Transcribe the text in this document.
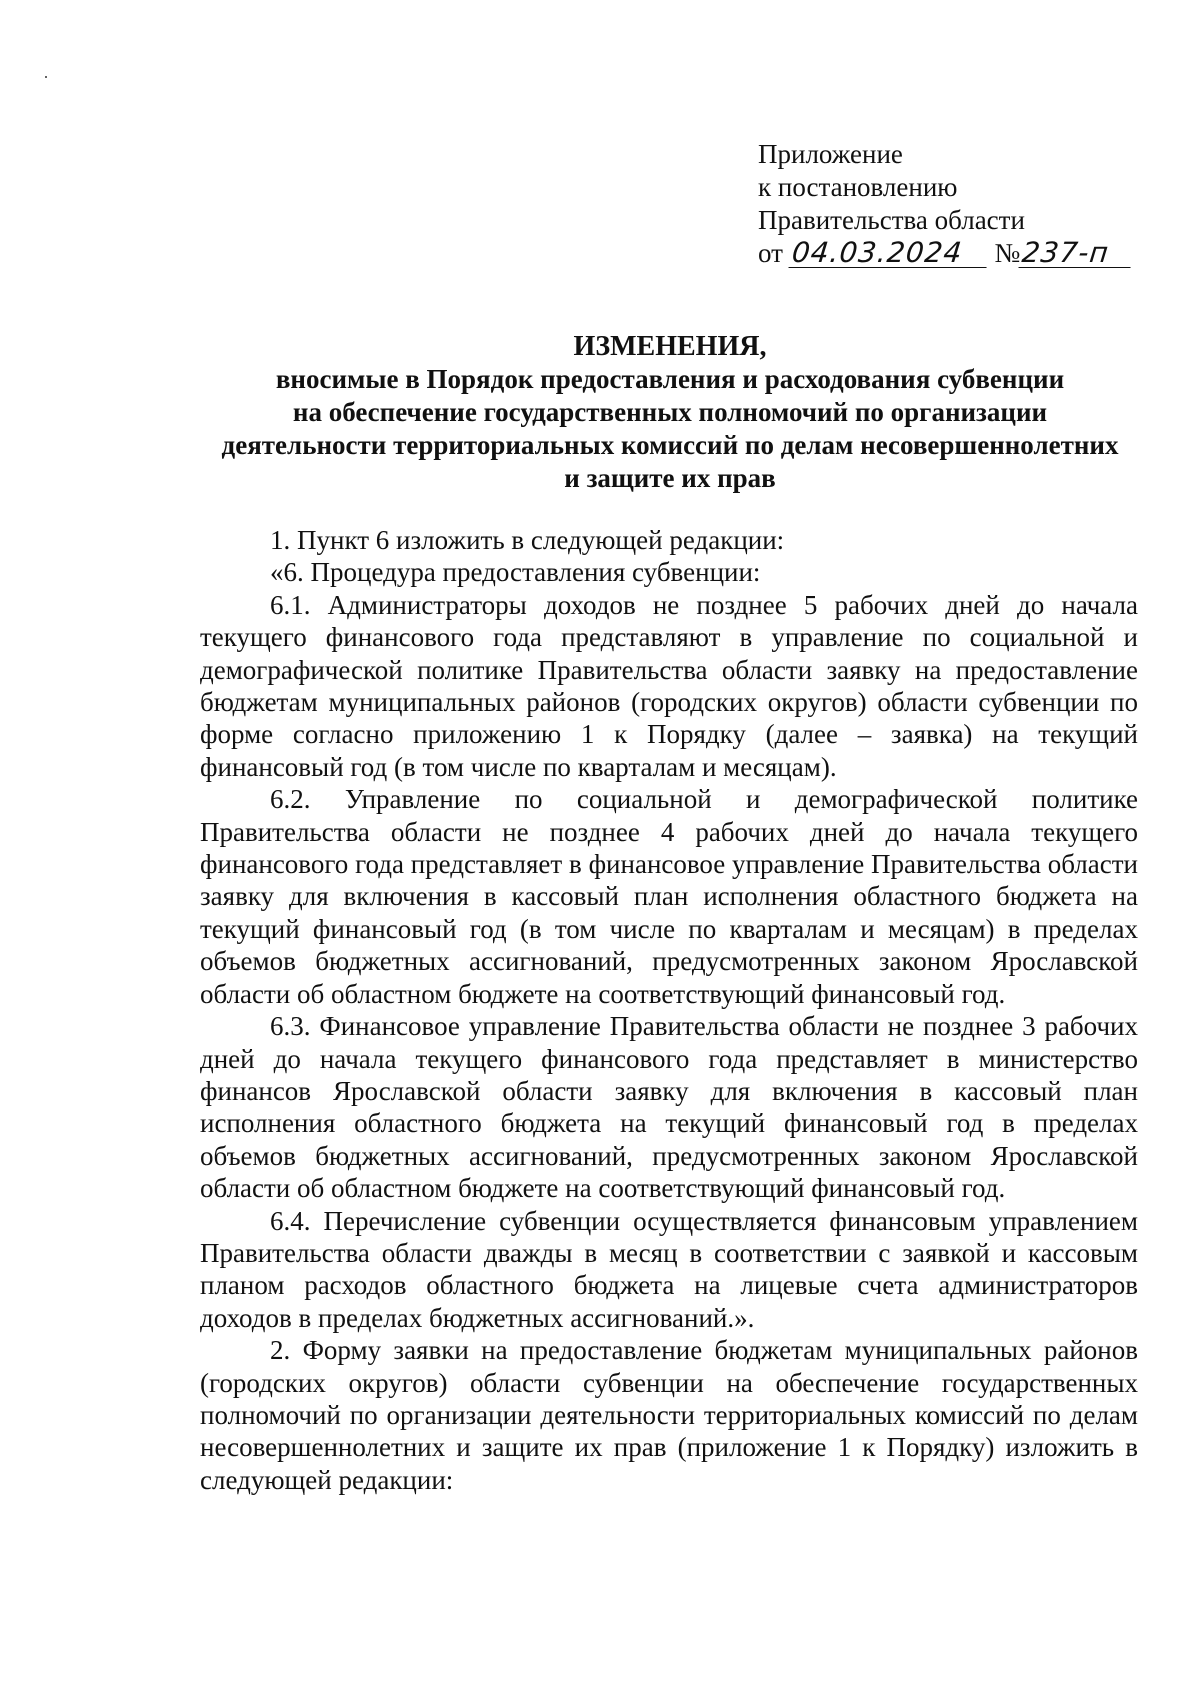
Приложение
к постановлению
Правительства области
от 04.03.2024 №237-п
ИЗМЕНЕНИЯ,
вносимые в Порядок предоставления и расходования субвенции
на обеспечение государственных полномочий по организации
деятельности территориальных комиссий по делам несовершеннолетних
и защите их прав

1. Пункт 6 изложить в следующей редакции:

«6. Процедура предоставления субвенции:

6.1. Администраторы доходов не позднее 5 рабочих дней до начала текущего финансового года представляют в управление по социальной и демографической политике Правительства области заявку на предоставление бюджетам муниципальных районов (городских округов) области субвенции по форме согласно приложению 1 к Порядку (далее – заявка) на текущий финансовый год (в том числе по кварталам и месяцам).

6.2. Управление по социальной и демографической политике Правительства области не позднее 4 рабочих дней до начала текущего финансового года представляет в финансовое управление Правительства области заявку для включения в кассовый план исполнения областного бюджета на текущий финансовый год (в том числе по кварталам и месяцам) в пределах объемов бюджетных ассигнований, предусмотренных законом Ярославской области об областном бюджете на соответствующий финансовый год.

6.3. Финансовое управление Правительства области не позднее 3 рабочих дней до начала текущего финансового года представляет в министерство финансов Ярославской области заявку для включения в кассовый план исполнения областного бюджета на текущий финансовый год в пределах объемов бюджетных ассигнований, предусмотренных законом Ярославской области об областном бюджете на соответствующий финансовый год.

6.4. Перечисление субвенции осуществляется финансовым управлением Правительства области дважды в месяц в соответствии с заявкой и кассовым планом расходов областного бюджета на лицевые счета администраторов доходов в пределах бюджетных ассигнований.».

2. Форму заявки на предоставление бюджетам муниципальных районов (городских округов) области субвенции на обеспечение государственных полномочий по организации деятельности территориальных комиссий по делам несовершеннолетних и защите их прав (приложение 1 к Порядку) изложить в следующей редакции:
